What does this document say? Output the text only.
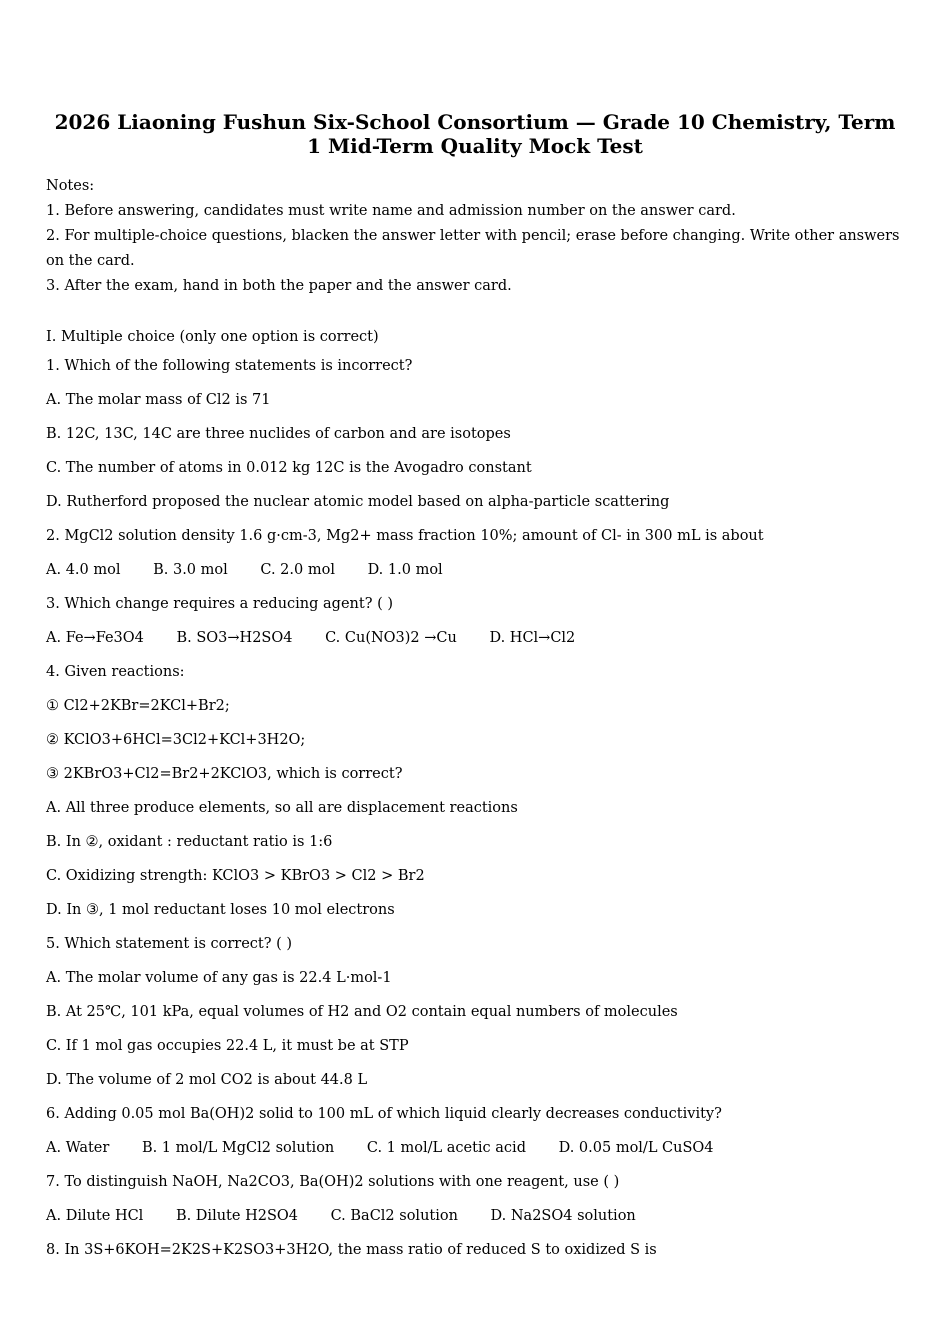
2026 Liaoning Fushun Six-School Consortium — Grade 10 Chemistry, Term 1 Mid-Term Quality Mock Test
Notes:
1. Before answering, candidates must write name and admission number on the answer card.
2. For multiple-choice questions, blacken the answer letter with pencil; erase before changing. Write other answers on the card.
3. After the exam, hand in both the paper and the answer card.
I. Multiple choice (only one option is correct)
1. Which of the following statements is incorrect?
A. The molar mass of Cl2 is 71
B. 12C, 13C, 14C are three nuclides of carbon and are isotopes
C. The number of atoms in 0.012 kg 12C is the Avogadro constant
D. Rutherford proposed the nuclear atomic model based on alpha-particle scattering
2. MgCl2 solution density 1.6 g·cm-3, Mg2+ mass fraction 10%; amount of Cl- in 300 mL is about
A. 4.0 mol B. 3.0 mol C. 2.0 mol D. 1.0 mol
3. Which change requires a reducing agent? ( )
A. Fe→Fe3O4 B. SO3→H2SO4 C. Cu(NO3)2 →Cu D. HCl→Cl2
4. Given reactions:
① Cl2+2KBr=2KCl+Br2;
② KClO3+6HCl=3Cl2+KCl+3H2O;
③ 2KBrO3+Cl2=Br2+2KClO3, which is correct?
A. All three produce elements, so all are displacement reactions
B. In ②, oxidant : reductant ratio is 1:6
C. Oxidizing strength: KClO3 > KBrO3 > Cl2 > Br2
D. In ③, 1 mol reductant loses 10 mol electrons
5. Which statement is correct? ( )
A. The molar volume of any gas is 22.4 L·mol-1
B. At 25℃, 101 kPa, equal volumes of H2 and O2 contain equal numbers of molecules
C. If 1 mol gas occupies 22.4 L, it must be at STP
D. The volume of 2 mol CO2 is about 44.8 L
6. Adding 0.05 mol Ba(OH)2 solid to 100 mL of which liquid clearly decreases conductivity?
A. Water B. 1 mol/L MgCl2 solution C. 1 mol/L acetic acid D. 0.05 mol/L CuSO4
7. To distinguish NaOH, Na2CO3, Ba(OH)2 solutions with one reagent, use ( )
A. Dilute HCl B. Dilute H2SO4 C. BaCl2 solution D. Na2SO4 solution
8. In 3S+6KOH=2K2S+K2SO3+3H2O, the mass ratio of reduced S to oxidized S is
